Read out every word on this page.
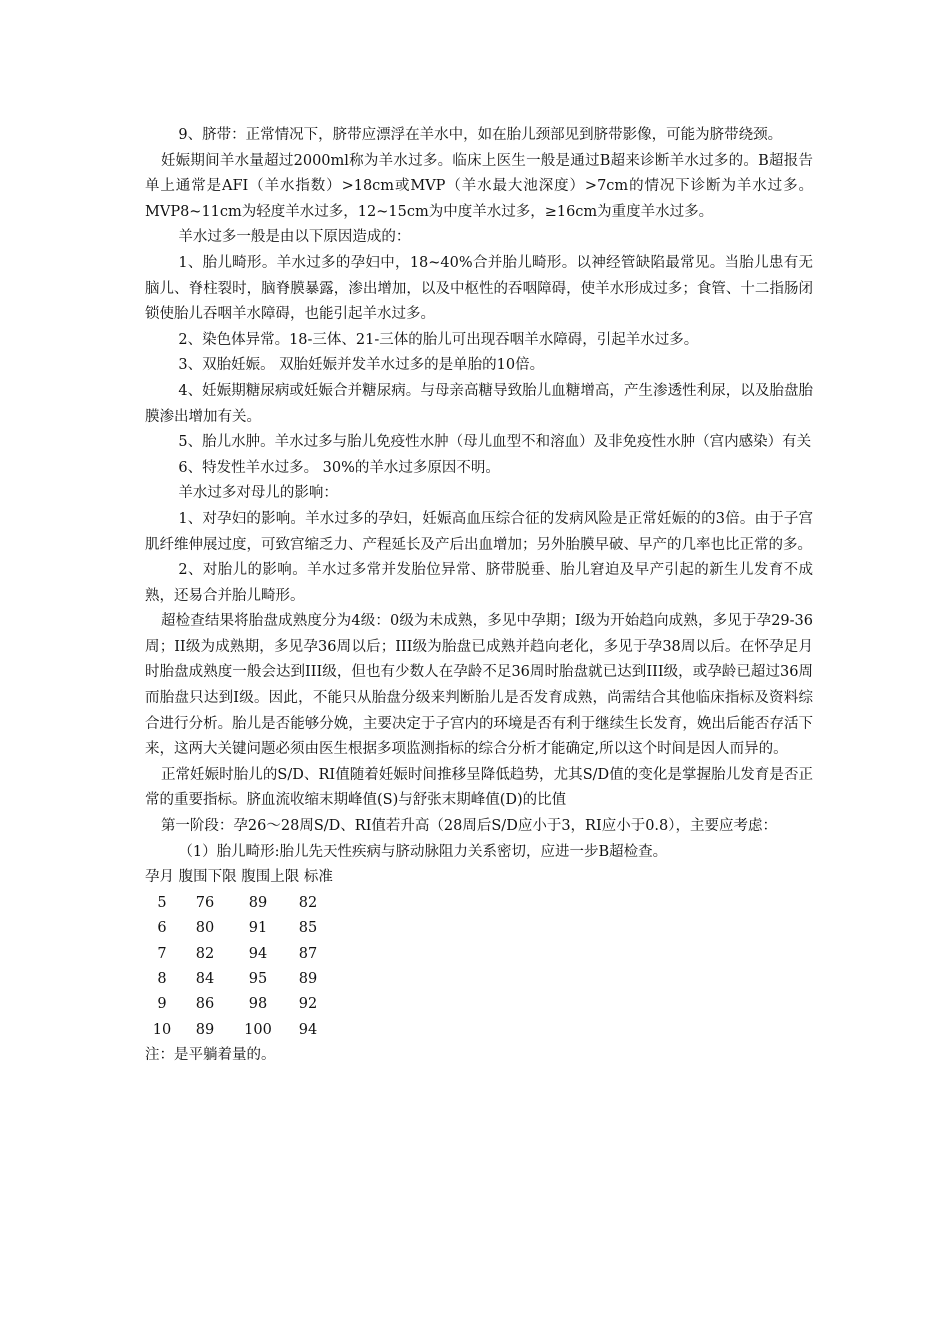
9、脐带：正常情况下，脐带应漂浮在羊水中，如在胎儿颈部见到脐带影像，可能为脐带绕颈。

妊娠期间羊水量超过2000ml称为羊水过多。临床上医生一般是通过B超来诊断羊水过多的。B超报告单上通常是AFI（羊水指数）>18cm或MVP（羊水最大池深度）>7cm的情况下诊断为羊水过多。MVP8~11cm为轻度羊水过多，12~15cm为中度羊水过多，≥16cm为重度羊水过多。

羊水过多一般是由以下原因造成的：

1、胎儿畸形。羊水过多的孕妇中，18~40%合并胎儿畸形。以神经管缺陷最常见。当胎儿患有无脑儿、脊柱裂时，脑脊膜暴露，渗出增加，以及中枢性的吞咽障碍，使羊水形成过多；食管、十二指肠闭锁使胎儿吞咽羊水障碍，也能引起羊水过多。

2、染色体异常。18-三体、21-三体的胎儿可出现吞咽羊水障碍，引起羊水过多。

3、双胎妊娠。 双胎妊娠并发羊水过多的是单胎的10倍。

4、妊娠期糖尿病或妊娠合并糖尿病。与母亲高糖导致胎儿血糖增高，产生渗透性利尿，以及胎盘胎膜渗出增加有关。

5、胎儿水肿。羊水过多与胎儿免疫性水肿（母儿血型不和溶血）及非免疫性水肿（宫内感染）有关

6、特发性羊水过多。 30%的羊水过多原因不明。

羊水过多对母儿的影响：

1、对孕妇的影响。羊水过多的孕妇，妊娠高血压综合征的发病风险是正常妊娠的的3倍。由于子宫肌纤维伸展过度，可致宫缩乏力、产程延长及产后出血增加；另外胎膜早破、早产的几率也比正常的多。

2、对胎儿的影响。羊水过多常并发胎位异常、脐带脱垂、胎儿窘迫及早产引起的新生儿发育不成熟，还易合并胎儿畸形。

超检查结果将胎盘成熟度分为4级：0级为未成熟，多见中孕期；I级为开始趋向成熟，多见于孕29-36周；II级为成熟期，多见孕36周以后；III级为胎盘已成熟并趋向老化，多见于孕38周以后。在怀孕足月时胎盘成熟度一般会达到III级，但也有少数人在孕龄不足36周时胎盘就已达到III级，或孕龄已超过36周而胎盘只达到I级。因此，不能只从胎盘分级来判断胎儿是否发育成熟，尚需结合其他临床指标及资料综合进行分析。胎儿是否能够分娩，主要决定于子宫内的环境是否有利于继续生长发育，娩出后能否存活下来，这两大关键问题必须由医生根据多项监测指标的综合分析才能确定,所以这个时间是因人而异的。

正常妊娠时胎儿的S/D、RI值随着妊娠时间推移呈降低趋势，尤其S/D值的变化是掌握胎儿发育是否正常的重要指标。脐血流收缩末期峰值(S)与舒张末期峰值(D)的比值

第一阶段：孕26～28周S/D、RI值若升高（28周后S/D应小于3，RI应小于0.8），主要应考虑：

（1）胎儿畸形:胎儿先天性疾病与脐动脉阻力关系密切，应进一步B超检查。

孕月 腹围下限 腹围上限 标准
5	76	89	82
6	80	91	85
7	82	94	87
8	84	95	89
9	86	98	92
10	89	100	94
注：是平躺着量的。
